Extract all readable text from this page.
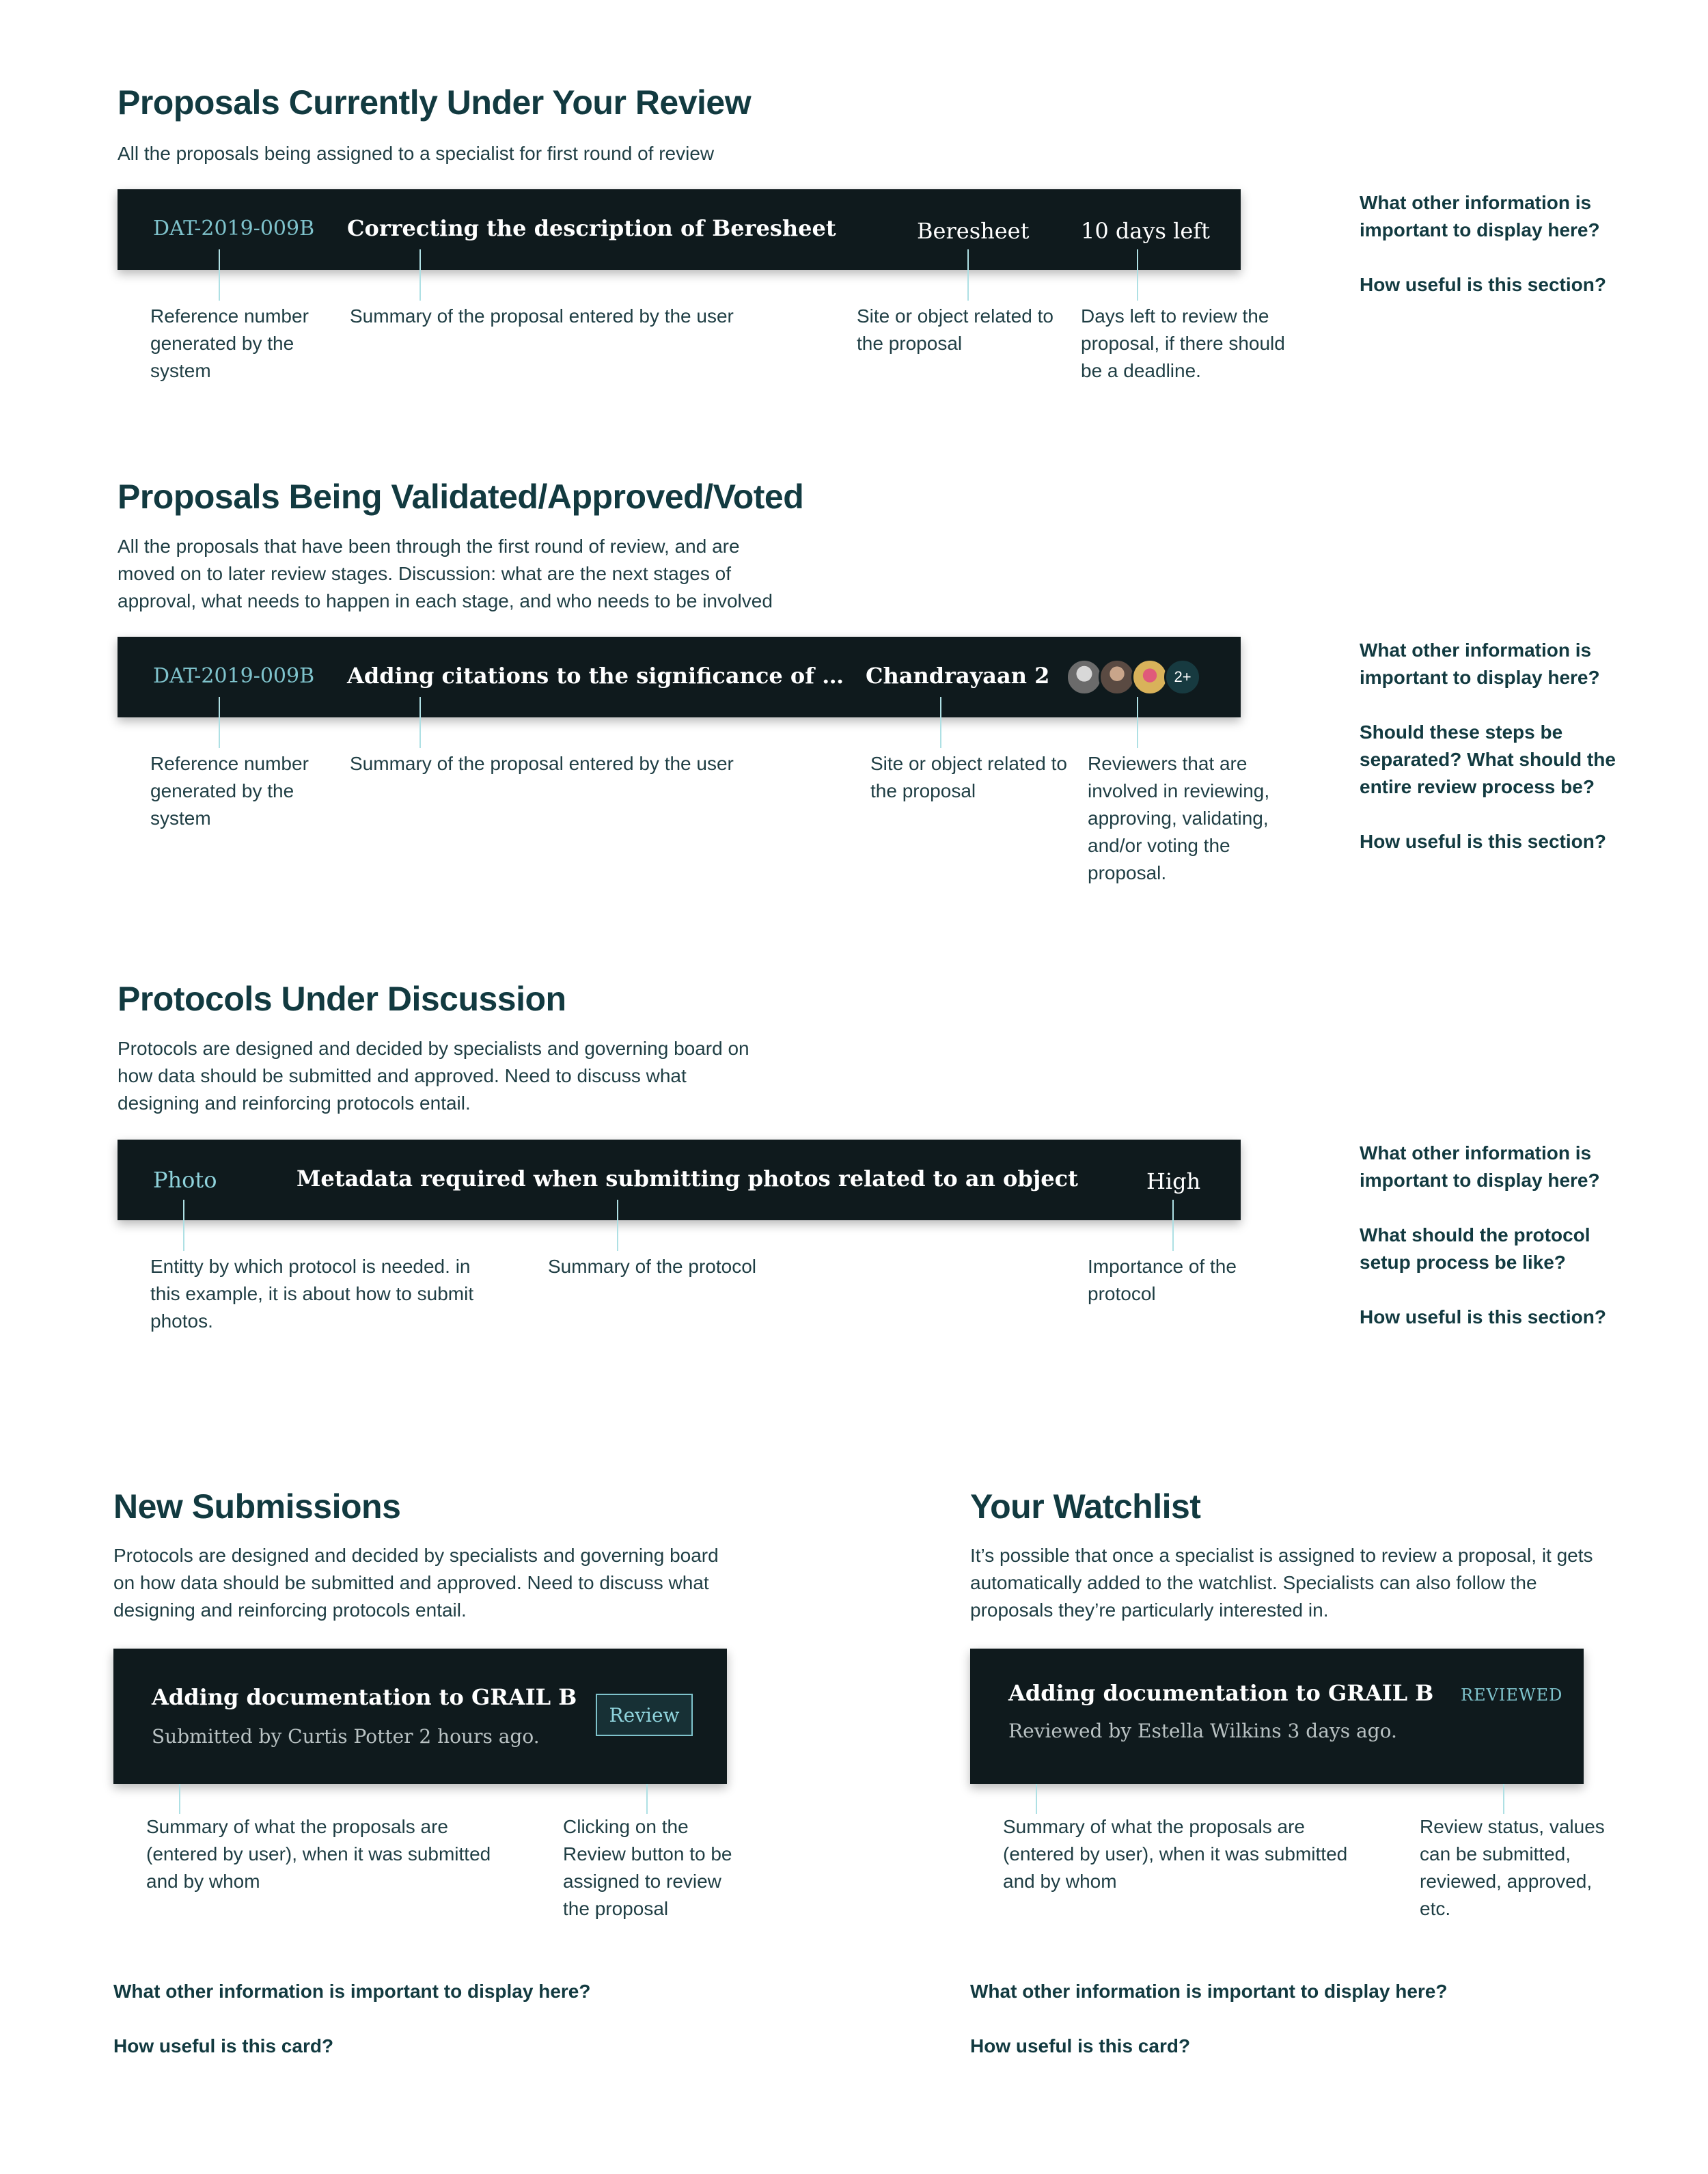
Proposals Currently Under Your Review
All the proposals being assigned to a specialist for first round of review
DAT-2019-009B Correcting the description of Beresheet	Beresheet 10 days left
Reference number generated by the system
Summary of the proposal entered by the user	Site or object related to the proposal
Days left to review the proposal, if there should be a deadline.
What other information is important to display here?
How useful is this section?
Proposals Being Validated/Approved/Voted
All the proposals that have been through the first round of review, and are moved on to later review stages. Discussion: what are the next stages of approval, what needs to happen in each stage, and who needs to be involved
DAT-2019-009B Adding citations to the significance of … Chandrayaan 2	2+
Reference number generated by the system
Summary of the proposal entered by the user	Site or object related to the proposal
Reviewers that are involved in reviewing, approving, validating, and/or voting the proposal.
What other information is important to display here?
Should these steps be separated? What should the entire review process be?
How useful is this section?
Protocols Under Discussion
Protocols are designed and decided by specialists and governing board on how data should be submitted and approved. Need to discuss what designing and reinforcing protocols entail.
Photo	Metadata required when submitting photos related to an object	High
Entitty by which protocol is needed. in this example, it is about how to submit photos.
Summary of the protocol	Importance of the protocol
What other information is important to display here?
What should the protocol setup process be like?
How useful is this section?
New Submissions
Protocols are designed and decided by specialists and governing board on how data should be submitted and approved. Need to discuss what designing and reinforcing protocols entail.
Adding documentation to GRAIL B
Submitted by Curtis Potter 2 hours ago.
Review
Summary of what the proposals are (entered by user), when it was submitted and by whom
Clicking on the Review button to be assigned to review the proposal
What other information is important to display here?
How useful is this card?
Your Watchlist
It’s possible that once a specialist is assigned to review a proposal, it gets automatically added to the watchlist. Specialists can also follow the proposals they’re particularly interested in.
Adding documentation to GRAIL B
Reviewed by Estella Wilkins 3 days ago.
REVIEWED
Summary of what the proposals are (entered by user), when it was submitted and by whom
Review status, values can be submitted, reviewed, approved, etc.
What other information is important to display here?
How useful is this card?
